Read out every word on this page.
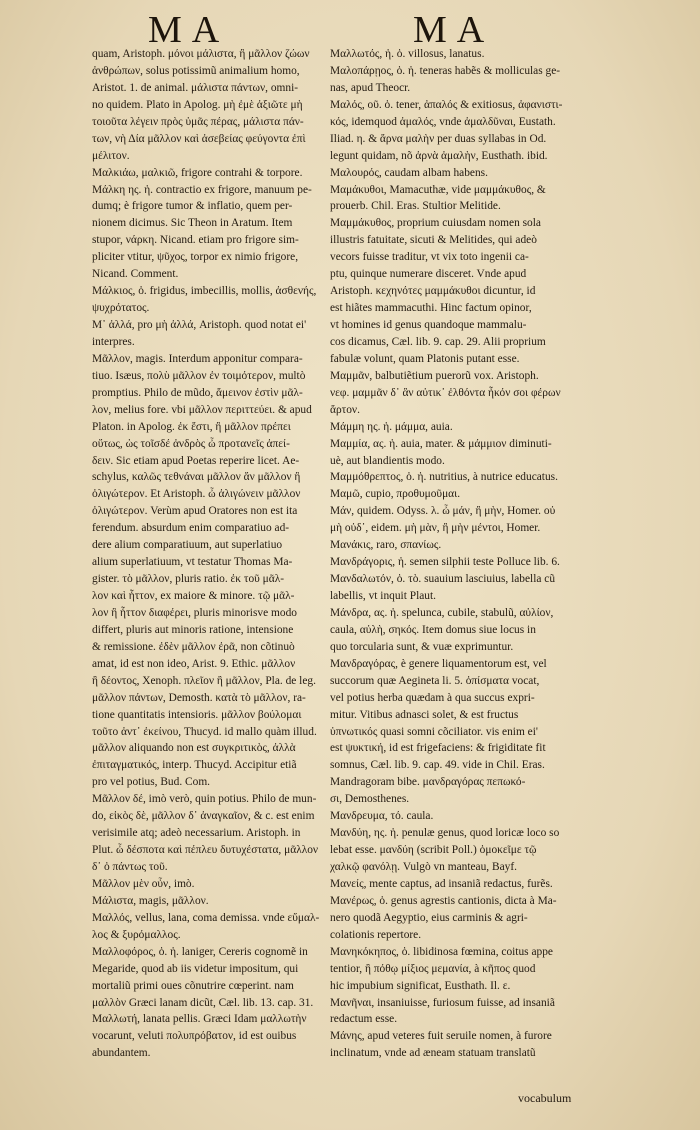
MA	MA
quam, Aristoph. μόνοι μάλιστα, ἢ μᾶλλον ζώων
ἀνθρώπων, solus potissimũ animalium homo,
Aristot. 1. de animal. μάλιστα πάντων, omni-
no quidem. Plato in Apolog. μὴ ἐμὲ ἀξιῶτε μὴ
τοιοῦτα λέγειν πρὸς ὑμᾶς πέρας, μάλιστα πάν-
των, νὴ Δία μᾶλλον καὶ ἀσεβείας φεύγοντα ἐπὶ
μέλιτον.
Μαλκιάω, μαλκιῶ, frigore contrahi & torpore.
Μάλκη ης. ἡ. contractio ex frigore, manuum pe-
dumq; è frigore tumor & inflatio, quem per-
nionem dicimus. Sic Theon in Aratum. Item
stupor, νάρκη. Nicand. etiam pro frigore sim-
pliciter vtitur, ψῦχος, torpor ex nimio frigore,
Nicand. Comment.
Μάλκιος, ὁ. frigidus, imbecillis, mollis, ἀσθενής,
ψυχρότατος.
Μ᾽ ἀλλά, pro μὴ ἀλλά, Aristoph. quod notat ei'
interpres.
Μᾶλλον, magis. Interdum apponitur compara-
tiuo. Isæus, πολὺ μᾶλλον ἐν τοιμότερον, multò
promptius. Philo de mũdo, ἄμεινον ἐστὶν μᾶλ-
λον, melius fore. vbi μᾶλλον περιττεύει. & apud
Platon. in Apolog. ἐκ ἔστι, ἢ μᾶλλον πρέπει
οὕτως, ὡς τοῖσδέ ἀνδρὸς ὦ προτανεῖς ἀπεί-
δειν. Sic etiam apud Poetas reperire licet. Ae-
schylus, καλῶς τεθνάναι μᾶλλον ἄν μᾶλλον ἢ
ὀλιγώτερον. Et Aristoph. ὦ ἀλιγώνειν μᾶλλον
ὀλιγώτερον. Verùm apud Oratores non est ita
ferendum. absurdum enim comparatiuo ad-
dere alium comparatiuum, aut superlatiuo
alium superlatiuum, vt testatur Thomas Ma-
gister. τὸ μᾶλλον, pluris ratio. ἐκ τοῦ μᾶλ-
λον καὶ ἧττον, ex maiore & minore. τῷ μᾶλ-
λον ἢ ἧττον διαφέρει, pluris minorisve modo
differt, pluris aut minoris ratione, intensione
& remissione. ἐδὲν μᾶλλον ἐρᾶ, non cõtinuò
amat, id est non ideo, Arist. 9. Ethic. μᾶλλον
ἢ δέοντος, Xenoph. πλεῖον ἢ μᾶλλον, Pla. de leg.
μᾶλλον πάντων, Demosth. κατὰ τὸ μᾶλλον, ra-
tione quantitatis intensioris. μᾶλλον βούλομαι
τοῦτο ἀντ᾽ ἐκείνου, Thucyd. id mallo quàm illud.
μᾶλλον aliquando non est συγκριτικὸς, ἀλλὰ
ἐπιταγματικός, interp. Thucyd. Accipitur etiã
pro vel potius, Bud. Com.
Μᾶλλον δέ, imò verò, quin potius. Philo de mun-
do, εἰκὸς δὲ, μᾶλλον δ᾽ ἀναγκαῖον, & c. est enim
verisimile atq; adeò necessarium. Aristoph. in
Plut. ὦ δέσποτα καὶ πέπλευ δυτυχέστατα, μᾶλλον
δ᾽ ὁ πάντως τοῦ.
Μᾶλλον μὲν οὖν, imò.
Μάλιστα, magis, μᾶλλον.
Μαλλός, vellus, lana, coma demissa. vnde εὔμαλ-
λος & ξυρόμαλλος.
Μαλλοφόρος, ὁ. ἡ. laniger, Cereris cognomẽ in
Megaride, quod ab iis videtur impositum, qui
mortaliũ primi oues cõnutrire cœperint. nam
μαλλὸν Græci lanam dicũt, Cæl. lib. 13. cap. 31.
Μαλλωτή, lanata pellis. Græci Idam μαλλωτὴν
vocarunt, veluti πολυπρόβατον, id est ouibus
abundantem.
Μαλλωτός, ἡ. ὁ. villosus, lanatus.
Μαλοπάρῃος, ὁ. ἡ. teneras habẽs & molliculas ge-
nas, apud Theocr.
Μαλός, οῦ. ὁ. tener, ἁπαλός & exitiosus, ἀφανιστι-
κός, idemquod ἀμαλός, vnde ἀμαλδῦναι, Eustath.
Iliad. η. & ἄρνα μαλὴν per duas syllabas in Od.
legunt quidam, nõ ἀρνὰ ἀμαλὴν, Eusthath. ibid.
Μαλουρός, caudam albam habens.
Μαμάκυθοι, Mamacuthæ, vide μαμμάκυθος, &
prouerb. Chil. Eras. Stultior Melitide.
Μαμμάκυθος, proprium cuiusdam nomen sola
illustris fatuitate, sicuti & Melitides, qui adeò
vecors fuisse traditur, vt vix toto ingenii ca-
ptu, quinque numerare disceret. Vnde apud
Aristoph. κεχηνότες μαμμάκυθοι dicuntur, id
est hiãtes mammacuthi. Hinc factum opinor,
vt homines id genus quandoque mammalu-
cos dicamus, Cæl. lib. 9. cap. 29. Alii proprium
fabulæ volunt, quam Platonis putant esse.
Μαμμᾶν, balbutiẽtium puerorũ vox. Aristoph.
νεφ. μαμμᾶν δ᾽ ἂν αὐτικ᾽ ἐλθόντα ἦκόν σοι φέρων
ἄρτον.
Μάμμη ης. ἡ. μάμμα, auia.
Μαμμία, ας. ἡ. auia, mater. & μάμμιον diminuti-
uè, aut blandientis modo.
Μαμμόθρεπτος, ὁ. ἡ. nutritius, à nutrice educatus.
Μαμῶ, cupio, προθυμοῦμαι.
Μάν, quidem. Odyss. λ. ὦ μάν, ἢ μὴν, Homer. οὐ
μὴ οὐδ᾽, eidem. μὴ μὰν, ἢ μὴν μέντοι, Homer.
Μανάκις, raro, σπανίως.
Μανδράγορις, ἡ. semen silphii teste Polluce lib. 6.
Μανδαλωτόν, ὁ. τὸ. suauium lasciuius, labella cũ
labellis, vt inquit Plaut.
Μάνδρα, ας. ἡ. spelunca, cubile, stabulũ, αὐλίον,
caula, αὐλὴ, σηκός. Item domus siue locus in
quo torcularia sunt, & vuæ exprimuntur.
Μανδραγόρας, è genere liquamentorum est, vel
succorum quæ Aegineta li. 5. ὀπίσματα vocat,
vel potius herba quædam à qua succus expri-
mitur. Vitibus adnasci solet, & est fructus
ὑπνωτικός quasi somni cõciliator. vis enim ei'
est ψυκτική, id est frigefaciens: & frigiditate fit
somnus, Cæl. lib. 9. cap. 49. vide in Chil. Eras.
Mandragoram bibe. μανδραγόρας πεπωκό-
σι, Demosthenes.
Μανδρευμα, τό. caula.
Μανδύη, ης. ἡ. penulæ genus, quod loricæ loco so
lebat esse. μανδύη (scribit Poll.) ὁμοκεῖμε τῷ
χαλκῷ φανόλῃ. Vulgò vn manteau, Bayf.
Μανείς, mente captus, ad insaniã redactus, furẽs.
Μανέρως, ὁ. genus agrestis cantionis, dicta à Ma-
nero quodã Aegyptio, eius carminis & agri-
colationis repertore.
Μανηκόκηπος, ὁ. libidinosa fœmina, coitus appe
tentior, ἢ πόθῳ μίξιος μεμανία, à κῆπος quod
hic impubium significat, Eusthath. Il. ε.
Μανῆναι, insaniuisse, furiosum fuisse, ad insaniã
redactum esse.
Μάνης, apud veteres fuit seruile nomen, à furore
inclinatum, vnde ad æneam statuam translatũ
vocabulum
